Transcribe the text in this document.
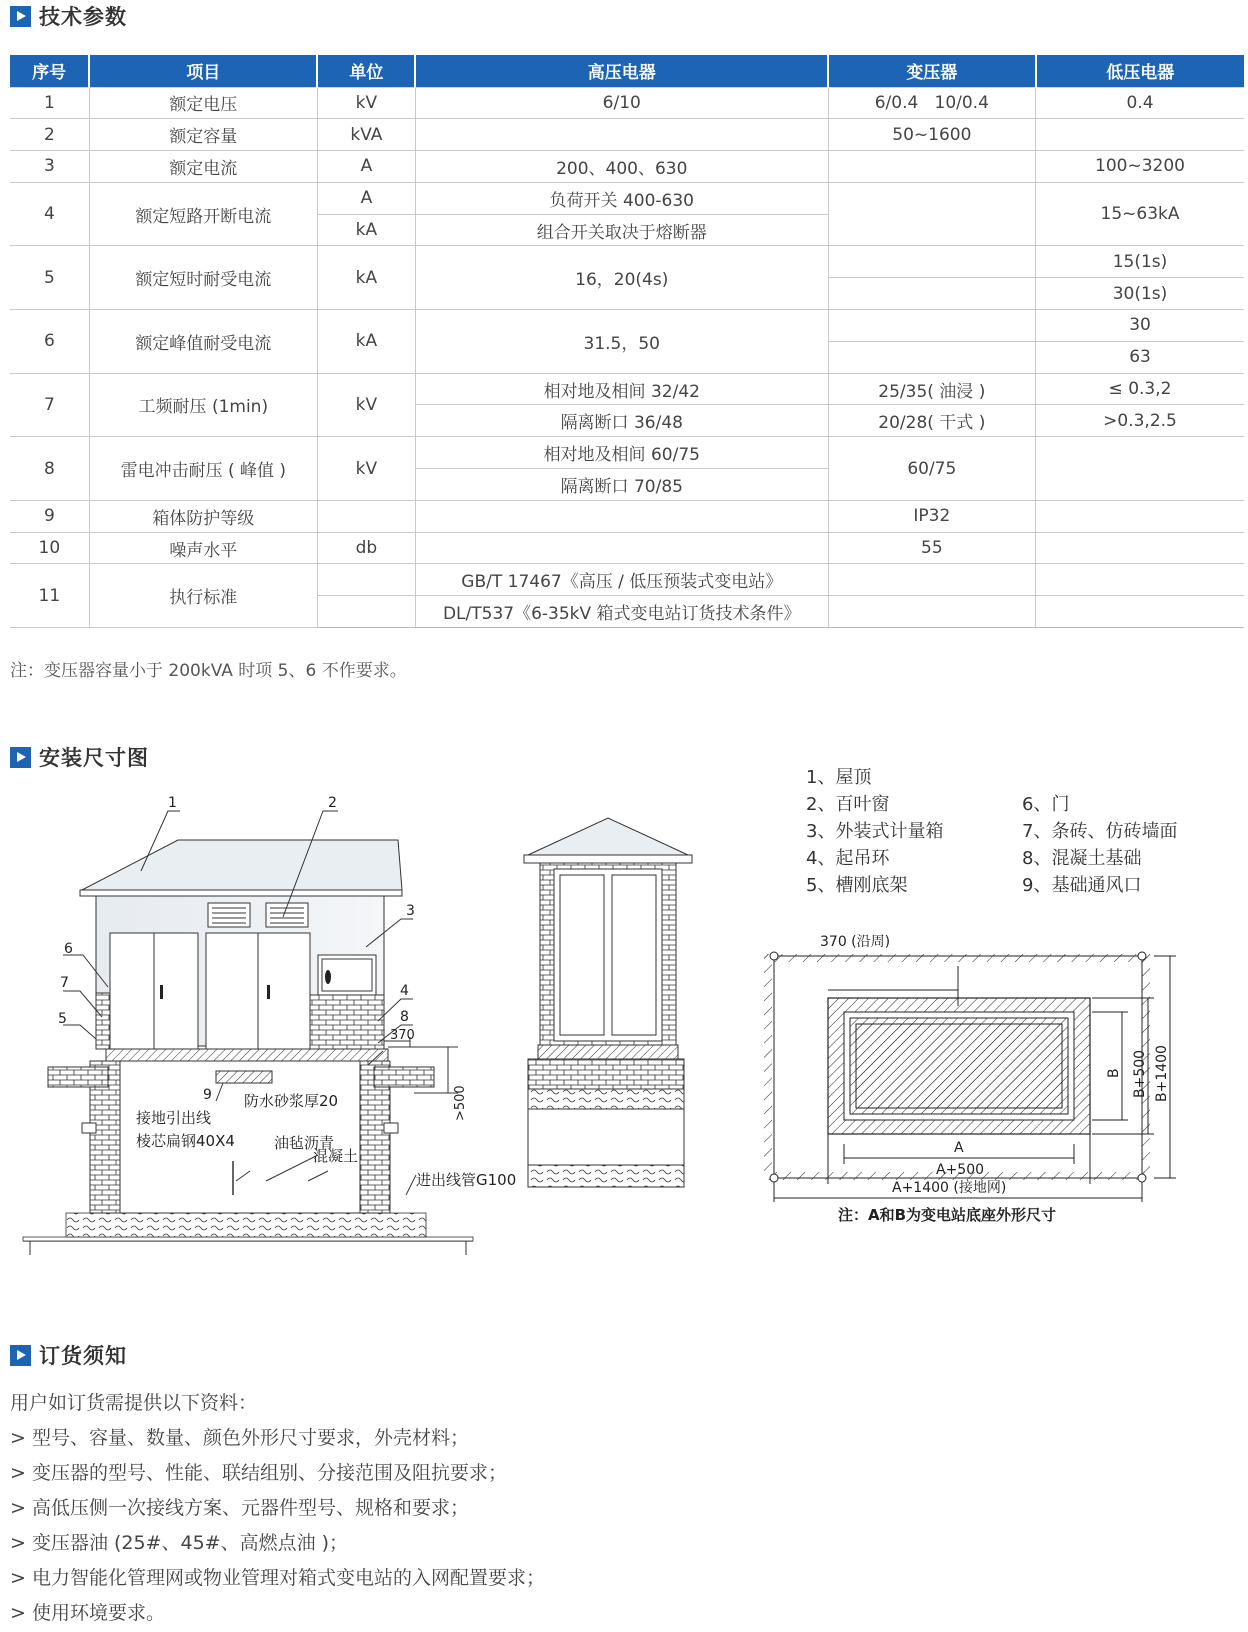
技术参数
序号	项目	单位	高压电器	变压器	低压电器
1	额定电压	kV	6/10	6/0.4   10/0.4	0.4
2	额定容量	kVA		50~1600	
3	额定电流	A	200、400、630		100~3200
4	额定短路开断电流	A	负荷开关 400-630		15~63kA
		kA	组合开关取决于熔断器		
5	额定短时耐受电流	kA	16，20(4s)		15(1s)
					30(1s)
6	额定峰值耐受电流	kA	31.5，50		30
					63
7	工频耐压 (1min)	kV	相对地及相间 32/42	25/35( 油浸 )	≤ 0.3,2
			隔离断口 36/48	20/28( 干式 )	>0.3,2.5
8	雷电冲击耐压 ( 峰值 )	kV	相对地及相间 60/75	60/75	
			隔离断口 70/85		
9	箱体防护等级			IP32	
10	噪声水平	db		55	
11	执行标准		GB/T 17467《高压 / 低压预装式变电站》		
			DL/T537《6-35kV 箱式变电站订货技术条件》		
注：变压器容量小于 200kVA 时项 5、6 不作要求。
安装尺寸图
1、屋顶
2、百叶窗
3、外装式计量箱
4、起吊环
5、槽刚底架
6、门
7、条砖、仿砖墙面
8、混凝土基础
9、基础通风口
1	2
3
4
5
6
7
8
9
370
>500
防水砂浆厚20
接地引出线
棱芯扁钢40X4	油毡沥青
混凝土
进出线管G100
370 (沿周)
A
A+500
A+1400 (接地网)
B B+500 B+1400
注：A和B为变电站底座外形尺寸
订货须知
用户如订货需提供以下资料：
> 型号、容量、数量、颜色外形尺寸要求，外壳材料；
> 变压器的型号、性能、联结组别、分接范围及阻抗要求；
> 高低压侧一次接线方案、元器件型号、规格和要求；
> 变压器油 (25#、45#、高燃点油 )；
> 电力智能化管理网或物业管理对箱式变电站的入网配置要求；
> 使用环境要求。
